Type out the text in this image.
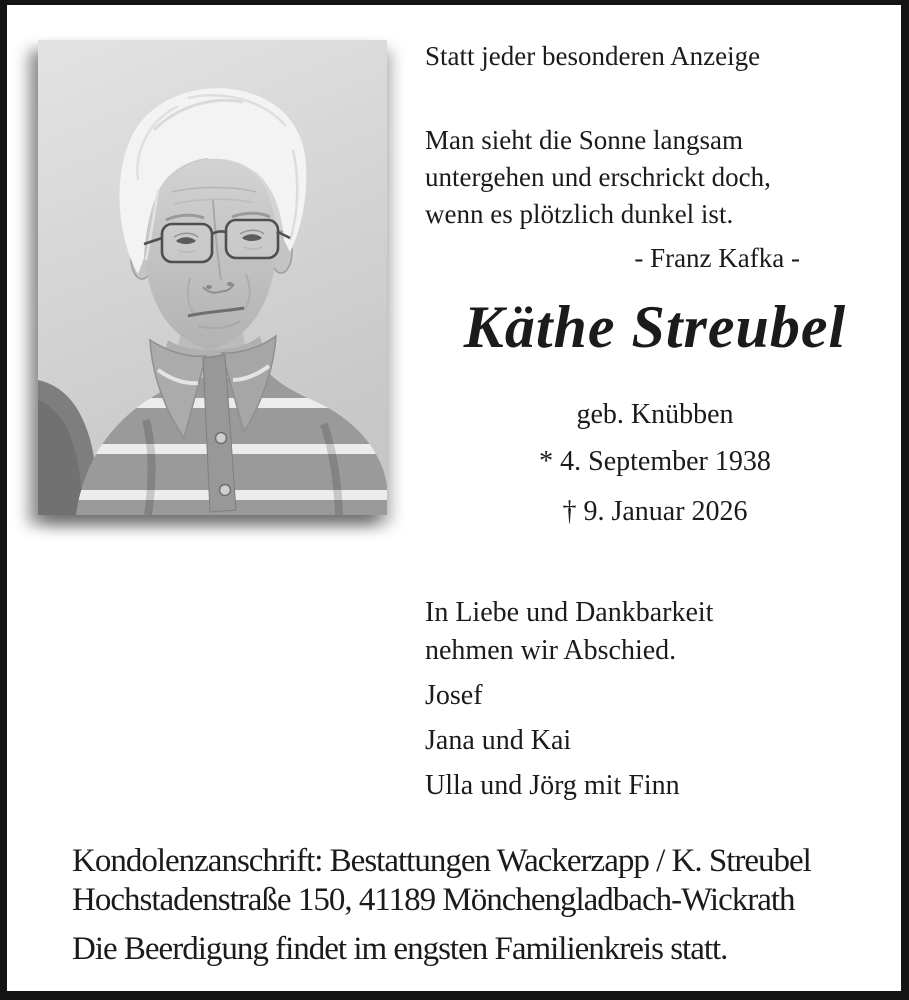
Statt jeder besonderen Anzeige
Man sieht die Sonne langsam
untergehen und erschrickt doch,
wenn es plötzlich dunkel ist.
- Franz Kafka -
Käthe Streubel
geb. Knübben
* 4. September 1938
† 9. Januar 2026
In Liebe und Dankbarkeit
nehmen wir Abschied.
Josef
Jana und Kai
Ulla und Jörg mit Finn
Kondolenzanschrift: Bestattungen Wackerzapp / K. Streubel
Hochstadenstraße 150, 41189 Mönchengladbach-Wickrath
Die Beerdigung findet im engsten Familienkreis statt.
